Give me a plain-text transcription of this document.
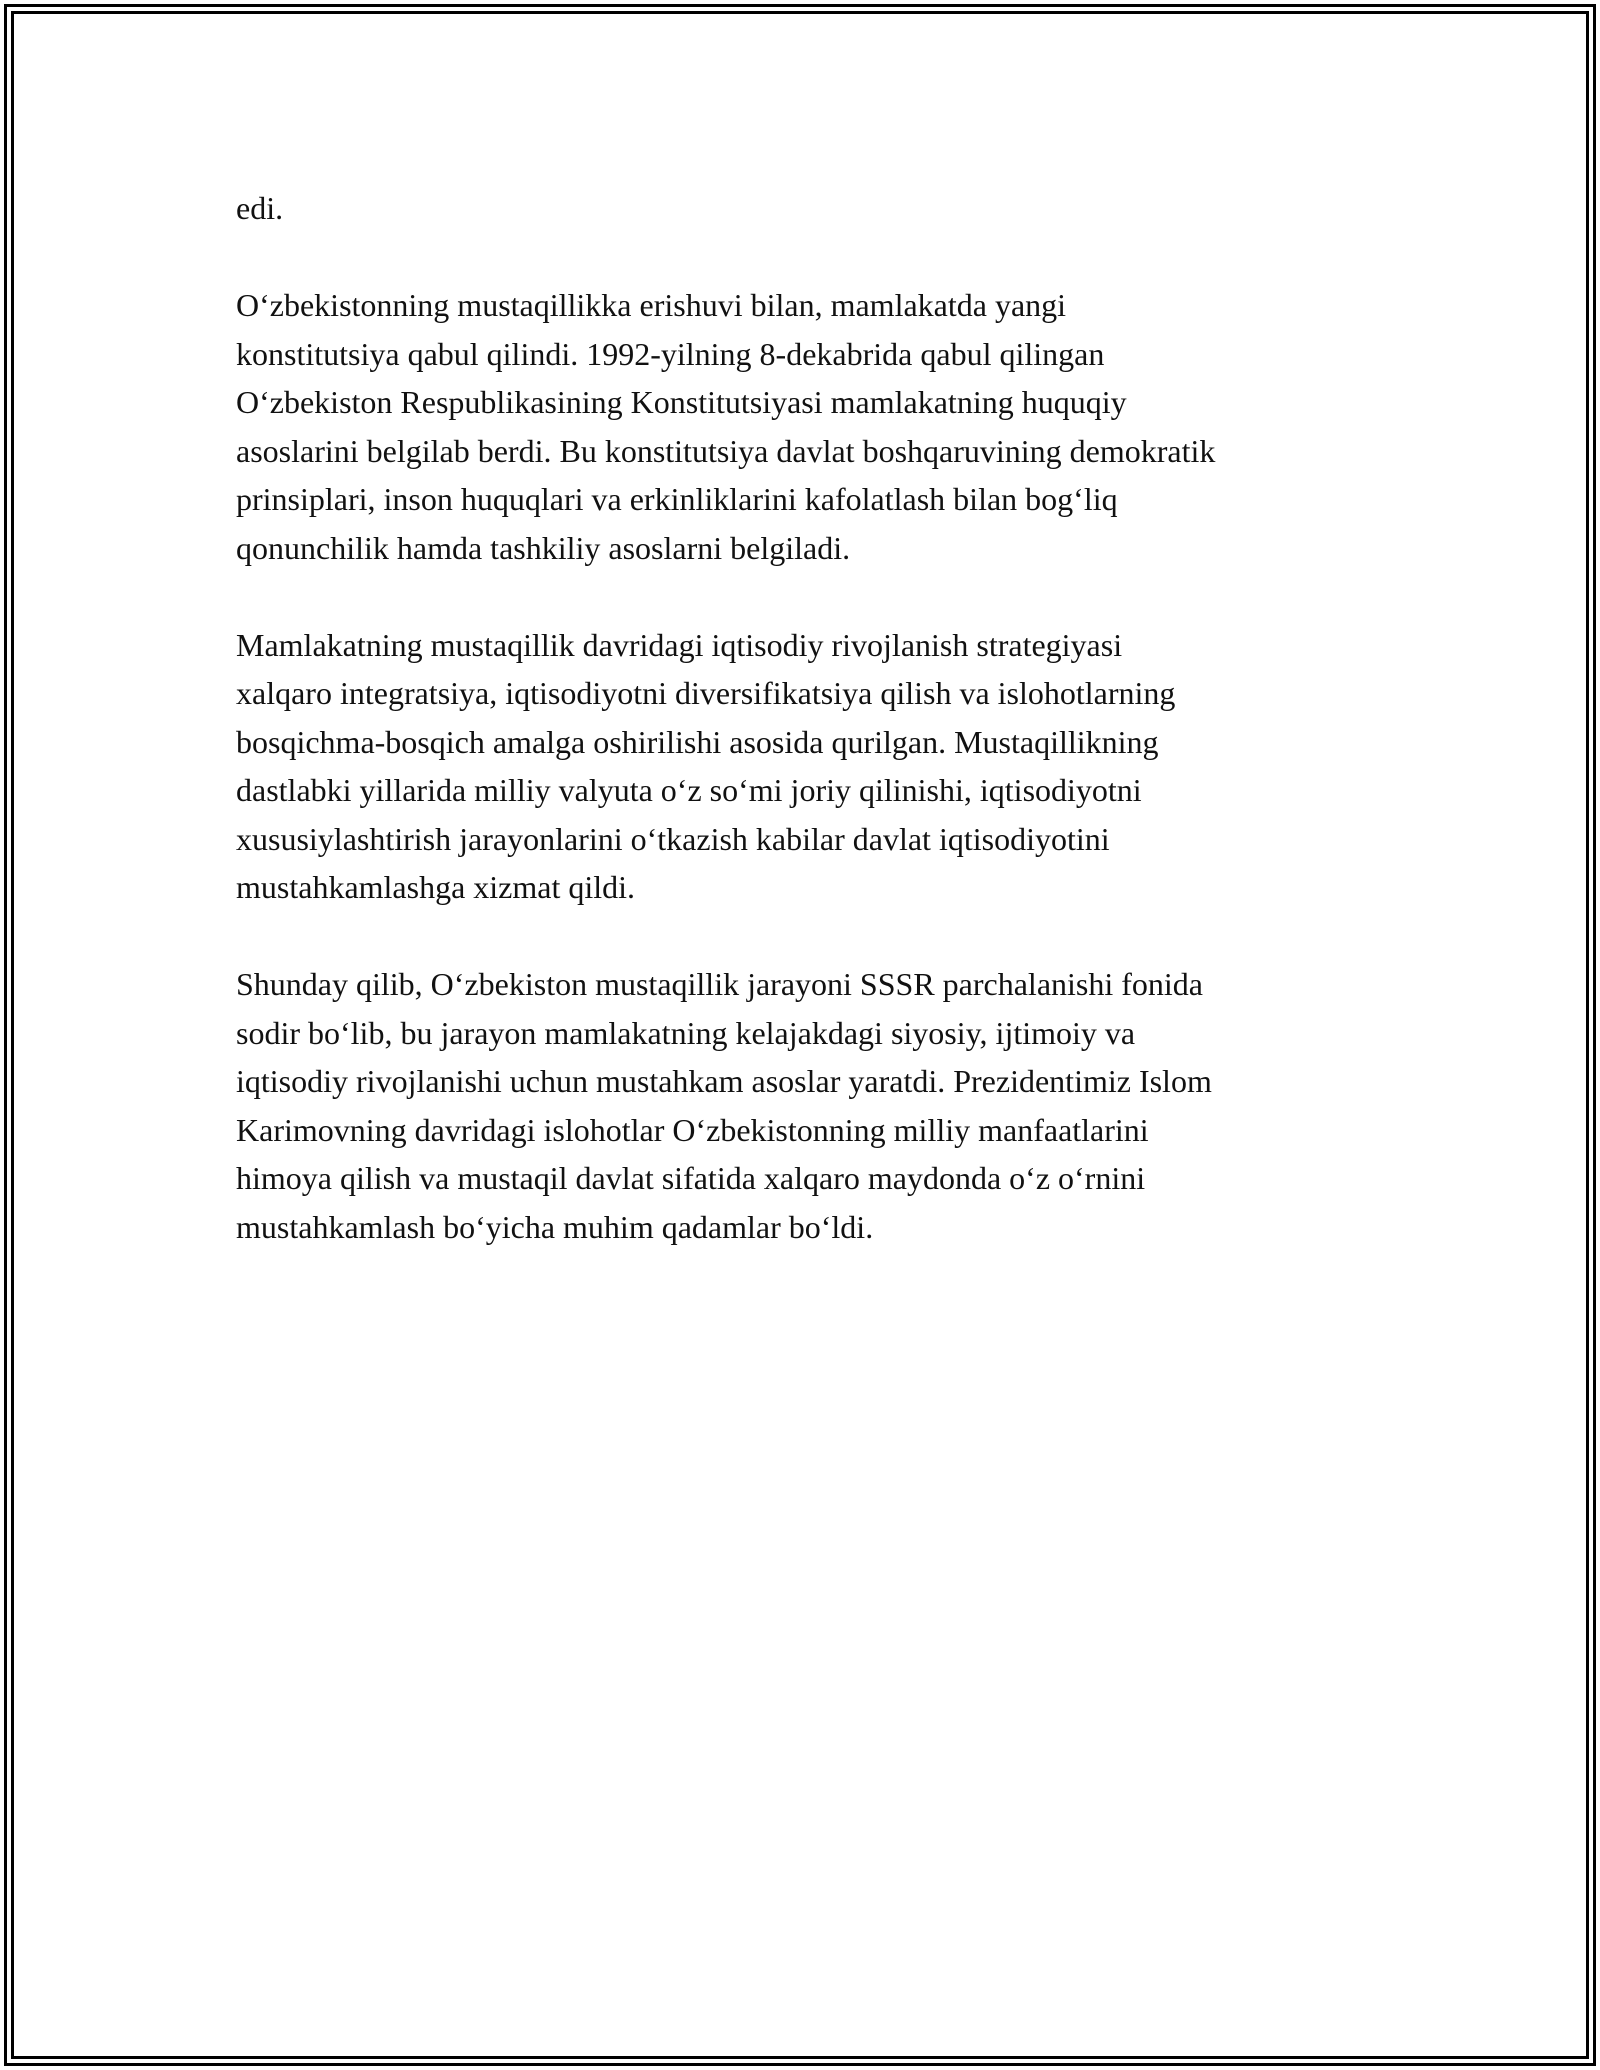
edi.

O‘zbekistonning mustaqillikka erishuvi bilan, mamlakatda yangi
konstitutsiya qabul qilindi. 1992-yilning 8-dekabrida qabul qilingan
O‘zbekiston Respublikasining Konstitutsiyasi mamlakatning huquqiy
asoslarini belgilab berdi. Bu konstitutsiya davlat boshqaruvining demokratik
prinsiplari, inson huquqlari va erkinliklarini kafolatlash bilan bog‘liq
qonunchilik hamda tashkiliy asoslarni belgiladi.

Mamlakatning mustaqillik davridagi iqtisodiy rivojlanish strategiyasi
xalqaro integratsiya, iqtisodiyotni diversifikatsiya qilish va islohotlarning
bosqichma-bosqich amalga oshirilishi asosida qurilgan. Mustaqillikning
dastlabki yillarida milliy valyuta o‘z so‘mi joriy qilinishi, iqtisodiyotni
xususiylashtirish jarayonlarini o‘tkazish kabilar davlat iqtisodiyotini
mustahkamlashga xizmat qildi.

Shunday qilib, O‘zbekiston mustaqillik jarayoni SSSR parchalanishi fonida
sodir bo‘lib, bu jarayon mamlakatning kelajakdagi siyosiy, ijtimoiy va
iqtisodiy rivojlanishi uchun mustahkam asoslar yaratdi. Prezidentimiz Islom
Karimovning davridagi islohotlar O‘zbekistonning milliy manfaatlarini
himoya qilish va mustaqil davlat sifatida xalqaro maydonda o‘z o‘rnini
mustahkamlash bo‘yicha muhim qadamlar bo‘ldi.
